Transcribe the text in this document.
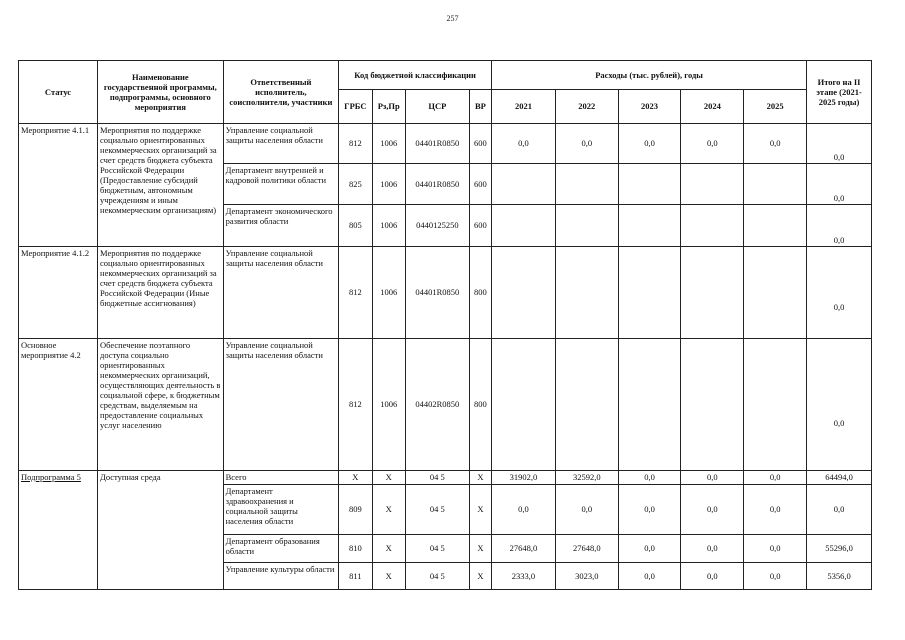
257
Статус	Наименование государственной программы, подпрограммы, основного мероприятия	Ответственный исполнитель, соисполнители, участники	Код бюджетной классификации				Расходы (тыс. рублей), годы					Итого на II этапе (2021-2025 годы)
			ГРБС	Рз,Пр	ЦСР	ВР	2021	2022	2023	2024	2025	
Мероприятие 4.1.1	Мероприятия по поддержке социально ориентированных некоммерческих организаций за счет средств бюджета субъекта Российской Федерации (Предоставление субсидий бюджетным, автономным учреждениям и иным некоммерческим организациям)	Управление социальной защиты населения области	812	1006	04401R0850	600	0,0	0,0	0,0	0,0	0,0	0,0
		Департамент внутренней и кадровой политики области	825	1006	04401R0850	600						0,0
		Департамент экономического развития области	805	1006	0440125250	600						0,0
Мероприятие 4.1.2	Мероприятия по поддержке социально ориентированных некоммерческих организаций за счет средств бюджета субъекта Российской Федерации (Иные бюджетные ассигнования)	Управление социальной защиты населения области	812	1006	04401R0850	800						0,0
Основное мероприятие 4.2	Обеспечение поэтапного доступа социально ориентированных некоммерческих организаций, осуществляющих деятельность в социальной сфере, к бюджетным средствам, выделяемым на предоставление социальных услуг населению	Управление социальной защиты населения области	812	1006	04402R0850	800						0,0
Подпрограмма 5	Доступная среда	Всего	Х	Х	04 5	Х	31902,0	32592,0	0,0	0,0	0,0	64494,0
		Департамент здравоохранения и социальной защиты населения области	809	Х	04 5	Х	0,0	0,0	0,0	0,0	0,0	0,0
		Департамент образования области	810	Х	04 5	Х	27648,0	27648,0	0,0	0,0	0,0	55296,0
		Управление культуры области	811	Х	04 5	Х	2333,0	3023,0	0,0	0,0	0,0	5356,0
